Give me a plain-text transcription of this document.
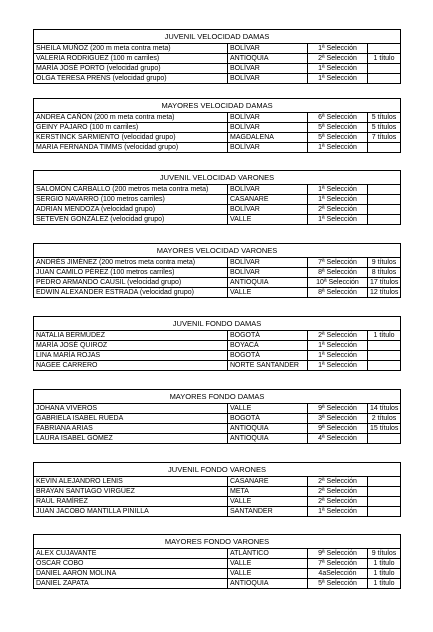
JUVENIL VELOCIDAD DAMAS			
SHEILA MUÑOZ (200 m meta contra meta)	BOLÍVAR	1ª Selección	
VALERIA RODRIGUEZ (100 m carriles)	ANTIOQUIA	2ª Selección	1 título
MARÍA JOSÉ PORTO (velocidad grupo)	BOLÍVAR	1ª Selección	
OLGA TERESA PRENS (velocidad grupo)	BOLÍVAR	1ª Selección	
MAYORES VELOCIDAD DAMAS			
ANDREA CAÑÓN (200 m meta contra meta)	BOLÍVAR	6ª Selección	5 títulos
GEINY PÁJARO (100 m carriles)	BOLÍVAR	5ª Selección	5 títulos
KERSTINCK SARMIENTO (velocidad grupo)	MAGDALENA	5ª Selección	7 títulos
MARIA FERNANDA TIMMS (velocidad grupo)	BOLÍVAR	1ª Selección	
JUVENIL VELOCIDAD VARONES			
SALOMÓN CARBALLO (200 metros meta contra meta)	BOLÍVAR	1ª Selección	
SERGIO NAVARRO (100 metros carriles)	CASANARE	1ª Selección	
ADRIAN MENDOZA (velocidad grupo)	BOLÍVAR	2ª Selección	
SETEVEN GONZÁLEZ (velocidad grupo)	VALLE	1ª Selección	
MAYORES VELOCIDAD VARONES			
ANDRÉS JIMÉNEZ (200 metros meta contra meta)	BOLÍVAR	7ª Selección	9 títulos
JUAN CAMILO PÉREZ (100 metros carriles)	BOLÍVAR	8ª Selección	8 títulos
PEDRO ARMANDO CAUSIL (velocidad grupo)	ANTIOQUIA	10ª Selección	17 títulos
EDWIN ALEXANDER ESTRADA (velocidad grupo)	VALLE	8ª Selección	12 títulos
JUVENIL FONDO DAMAS			
NATALIA BERMÚDEZ	BOGOTÁ	2ª Selección	1 título
MARÍA JOSÉ QUIROZ	BOYACÁ	1ª Selección	
LINA MARÍA ROJAS	BOGOTÁ	1ª Selección	
NAGEE CARRERO	NORTE SANTANDER	1ª Selección	
MAYORES FONDO DAMAS			
JOHANA VIVEROS	VALLE	9ª Selección	14 títulos
GABRIELA ISABEL RUEDA	BOGOTÁ	3ª Selección	2 títulos
FABRIANA ARIAS	ANTIOQUIA	9ª Selección	15 títulos
LAURA ISABEL GÓMEZ	ANTIOQUIA	4ª Selección	
JUVENIL FONDO VARONES			
KEVIN ALEJANDRO LENIS	CASANARE	2ª Selección	
BRAYAN SANTIAGO VIRGÜEZ	META	2ª Selección	
RAÚL RAMÍREZ	VALLE	2ª Selección	
JUAN JACOBO MANTILLA PINILLA	SANTANDER	1ª Selección	
MAYORES FONDO VARONES			
ALEX CUJAVANTE	ATLÁNTICO	9ª Selección	9 títulos
ÓSCAR COBO	VALLE	7ª Selección	1 título
DANIEL AARÓN MOLINA	VALLE	4aSelección	1 título
DANIEL ZAPATA	ANTIOQUIA	5ª Selección	1 título
